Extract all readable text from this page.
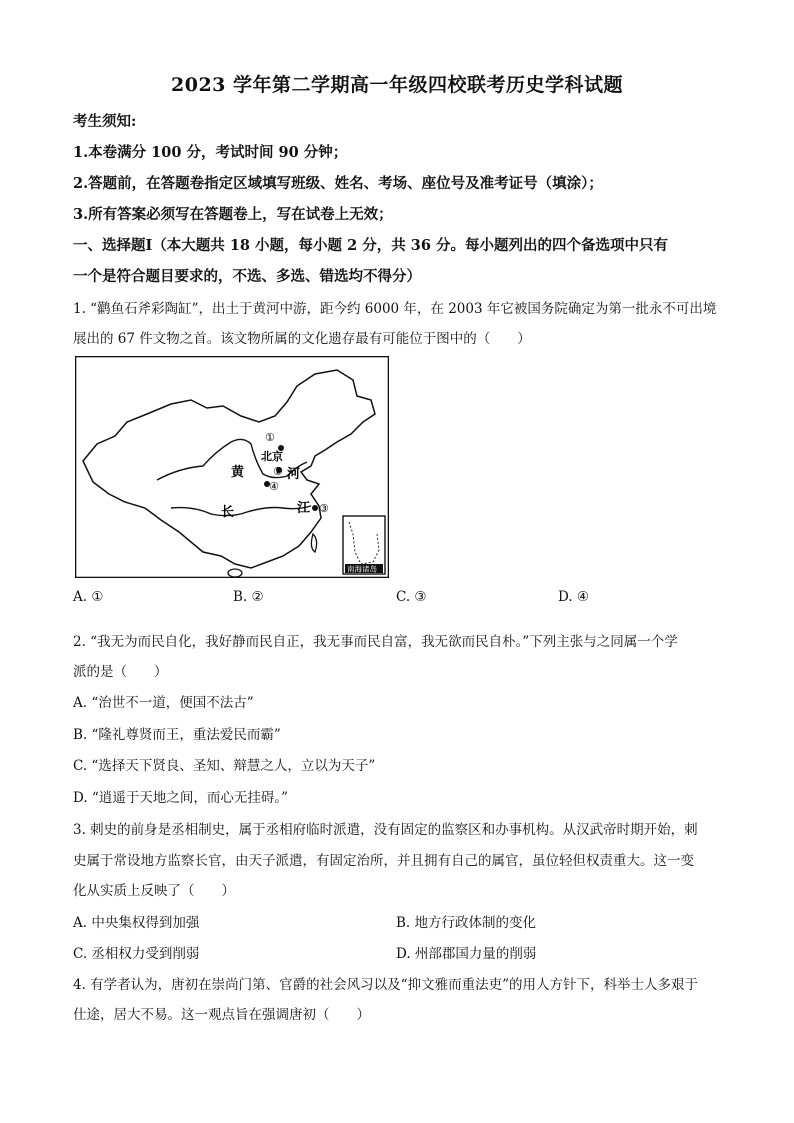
2023 学年第二学期高一年级四校联考历史学科试题
考生须知:
1.本卷满分 100 分，考试时间 90 分钟；
2.答题前，在答题卷指定区域填写班级、姓名、考场、座位号及准考证号（填涂）；
3.所有答案必须写在答题卷上，写在试卷上无效；
一、选择题Ⅰ（本大题共 18 小题，每小题 2 分，共 36 分。每小题列出的四个备选项中只有
一个是符合题目要求的，不选、多选、错选均不得分）
1. “鹳鱼石斧彩陶缸”，出土于黄河中游，距今约 6000 年，在 2003 年它被国务院确定为第一批永不可出境
展出的 67 件文物之首。该文物所属的文化遗存最有可能位于图中的（　　）
①
北京
②
④
黄	河
长	江 ③
南海诸岛
A. ①	B. ②	C. ③	D. ④
2. “我无为而民自化，我好静而民自正，我无事而民自富，我无欲而民自朴。”下列主张与之同属一个学
派的是（　　）
A. “治世不一道，便国不法古”
B. “隆礼尊贤而王，重法爱民而霸”
C. “选择天下贤良、圣知、辩慧之人，立以为天子”
D. “逍遥于天地之间，而心无挂碍。”
3. 刺史的前身是丞相制史，属于丞相府临时派遣，没有固定的监察区和办事机构。从汉武帝时期开始，刺
史属于常设地方监察长官，由天子派遣，有固定治所，并且拥有自己的属官，虽位轻但权责重大。这一变
化从实质上反映了（　　）
A. 中央集权得到加强	B. 地方行政体制的变化
C. 丞相权力受到削弱	D. 州部郡国力量的削弱
4. 有学者认为，唐初在崇尚门第、官爵的社会风习以及“抑文雅而重法吏”的用人方针下，科举士人多艰于
仕途，居大不易。这一观点旨在强调唐初（　　）
